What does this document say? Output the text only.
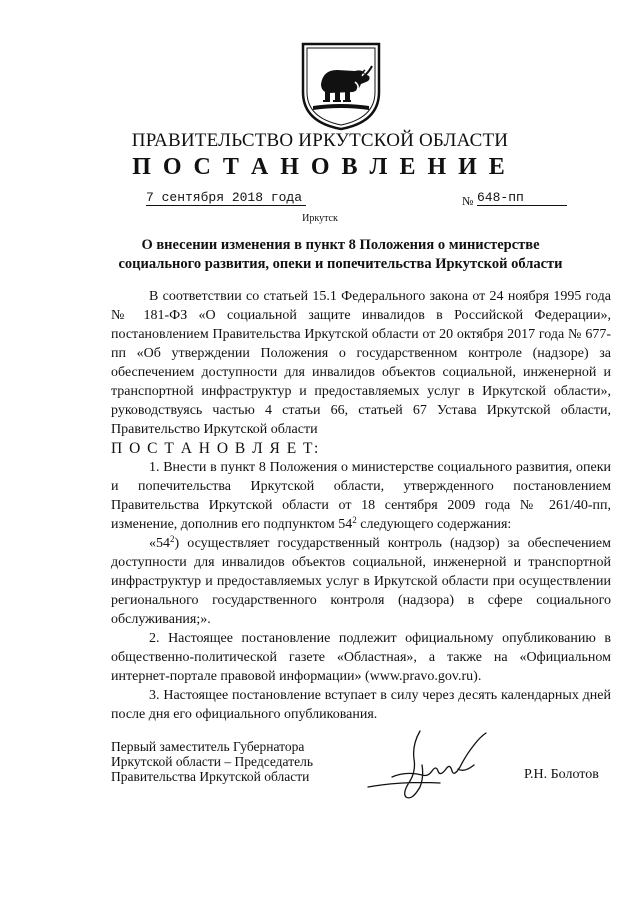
ПРАВИТЕЛЬСТВО ИРКУТСКОЙ ОБЛАСТИ
П О С Т А Н О В Л Е Н И Е
7 сентября 2018 года	№ 648-пп
Иркутск
О внесении изменения в пункт 8 Положения о министерстве
социального развития, опеки и попечительства Иркутской области

В соответствии со статьей 15.1 Федерального закона от 24 ноября 1995 года № 181-ФЗ «О социальной защите инвалидов в Российской Федерации», постановлением Правительства Иркутской области от 20 октября 2017 года № 677-пп «Об утверждении Положения о государственном контроле (надзоре) за обеспечением доступности для инвалидов объектов социальной, инженерной и транспортной инфраструктур и предоставляемых услуг в Иркутской области», руководствуясь частью 4 статьи 66, статьей 67 Устава Иркутской области, Правительство Иркутской области

П О С Т А Н О В Л Я Е Т:

1. Внести в пункт 8 Положения о министерстве социального развития, опеки и попечительства Иркутской области, утвержденного постановлением Правительства Иркутской области от 18 сентября 2009 года № 261/40-пп, изменение, дополнив его подпунктом $54^2$ следующего содержания:

«$54^2$) осуществляет государственный контроль (надзор) за обеспечением доступности для инвалидов объектов социальной, инженерной и транспортной инфраструктур и предоставляемых услуг в Иркутской области при осуществлении регионального государственного контроля (надзора) в сфере социального обслуживания;».

2. Настоящее постановление подлежит официальному опубликованию в общественно-политической газете «Областная», а также на «Официальном интернет-портале правовой информации» (www.pravo.gov.ru).

3. Настоящее постановление вступает в силу через десять календарных дней после дня его официального опубликования.

Первый заместитель Губернатора
Иркутской области – Председатель
Правительства Иркутской области	Р.Н. Болотов
